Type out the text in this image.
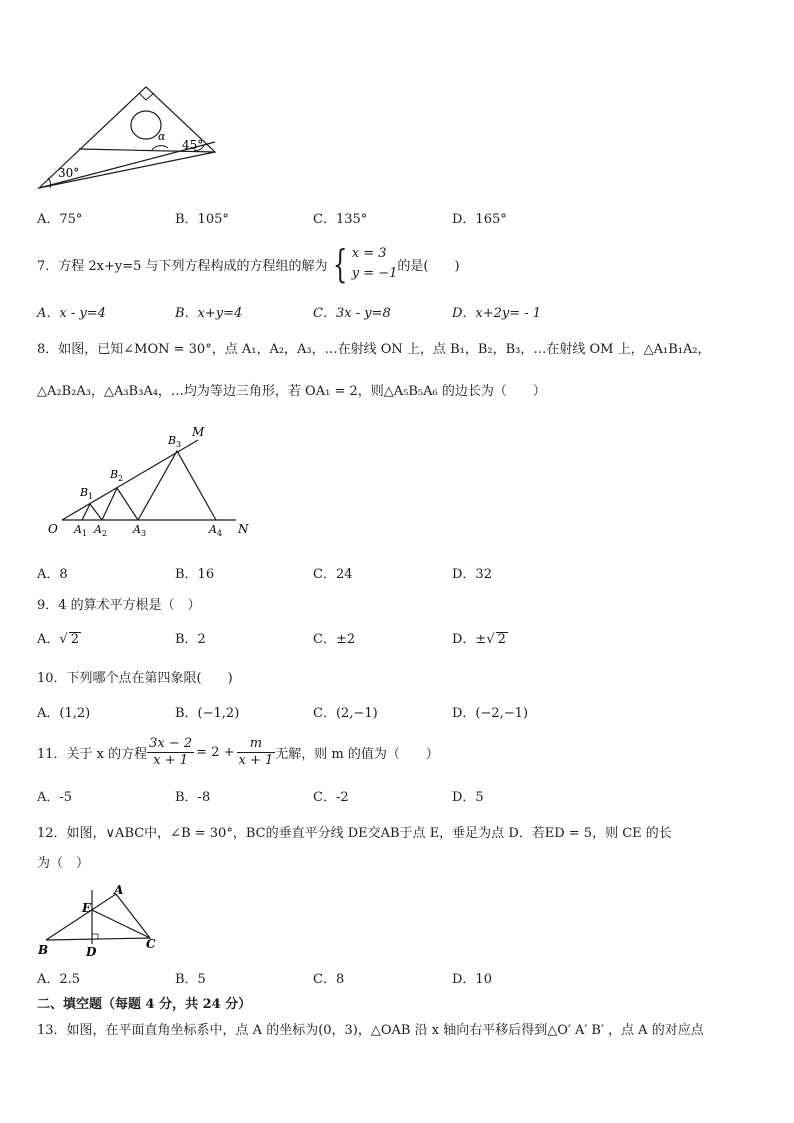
α
45°
30°
A．75°	B．105°	C．135°	D．165°
7．方程 2x+y=5 与下列方程构成的方程组的解为 { x = 3
y = −1 的是(　　)
A．x - y=4	B．x+y=4	C．3x - y=8	D．x+2y= - 1
8．如图，已知∠MON = 30°，点 A₁，A₂，A₃，…在射线 ON 上，点 B₁，B₂，B₃，…在射线 OM 上，△A₁B₁A₂，
△A₂B₂A₃，△A₃B₃A₄，…均为等边三角形，若 OA₁ = 2，则△A₅B₅A₆ 的边长为（　　）
O	N
M
A 1 A 2 A 3	A 4
B 1
B 2
B 3
A．8	B．16	C．24	D．32
9．4 的算术平方根是（　）
A．√ 2	B．2	C．±2	D．±√ 2
10．下列哪个点在第四象限(　　)
A．(1,2)	B．(−1,2)	C．(2,−1)	D．(−2,−1)
11．关于 x 的方程 $\frac{3x - 2}{x + 1} = 2 + \frac{m}{x + 1}$ 无解，则 m 的值为（　　）
A．-5	B．-8	C．-2	D．5
12．如图，∨ABC中，∠B = 30°，BC的垂直平分线 DE交AB于点 E，垂足为点 D．若ED = 5，则 CE 的长
为（　）
A
B	C
D
E
A．2.5	B．5	C．8	D．10
二、填空题（每题 4 分，共 24 分）
13．如图，在平面直角坐标系中，点 A 的坐标为(0，3)，△OAB 沿 x 轴向右平移后得到△O′ A′ B′ ，点 A 的对应点
